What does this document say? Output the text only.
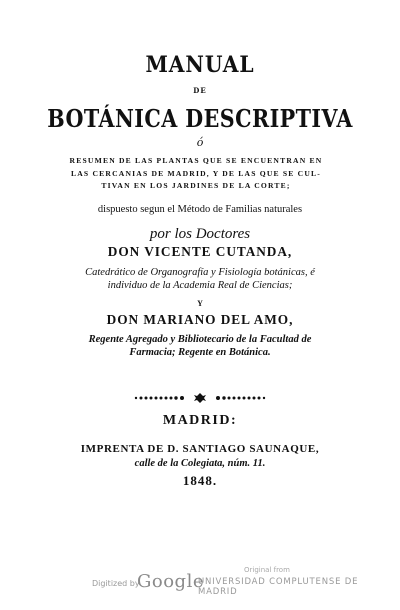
MANUAL
DE
BOTÁNICA DESCRIPTIVA
ó
RESUMEN DE LAS PLANTAS QUE SE ENCUENTRAN EN
LAS CERCANIAS DE MADRID, Y DE LAS QUE SE CUL-
TIVAN EN LOS JARDINES DE LA CORTE;
dispuesto segun el Método de Familias naturales
por los Doctores
DON VICENTE CUTANDA,
Catedrático de Organografía y Fisiología botánicas, é
individuo de la Academia Real de Ciencias;
Y
DON MARIANO DEL AMO,
Regente Agregado y Bibliotecario de la Facultad de
Farmacia; Regente en Botánica.
MADRID:
IMPRENTA DE D. SANTIAGO SAUNAQUE,
calle de la Colegiata, núm. 11.
1848.
Digitized by
Google
Original from
UNIVERSIDAD COMPLUTENSE DE MADRID
